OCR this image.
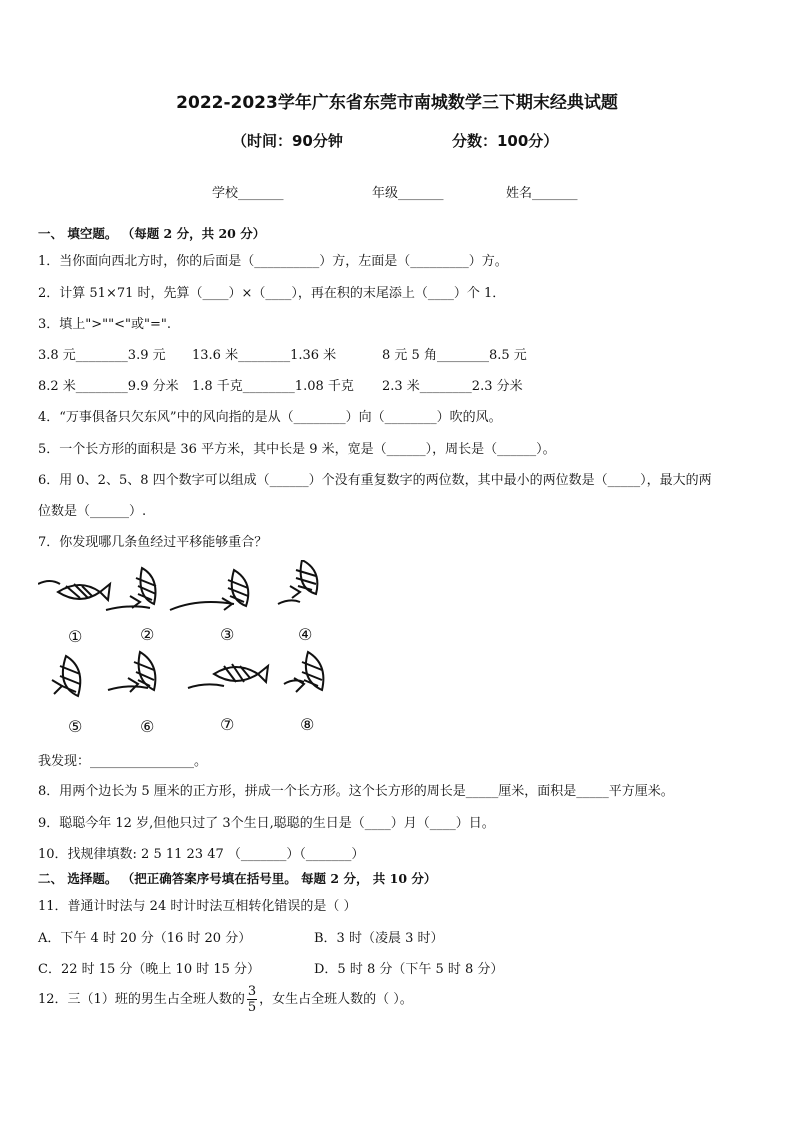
2022-2023学年广东省东莞市南城数学三下期末经典试题
（时间：90分钟	分数：100分）
学校_______	年级_______	姓名_______
一、 填空题。 （每题 2 分，共 20 分）
1．当你面向西北方时，你的后面是（__________）方，左面是（_________）方。
2．计算 51×71 时，先算（____）×（____），再在积的末尾添上（____）个 1．
3．填上">""<"或"=".
3.8 元________3.9 元 13.6 米________1.36 米	8 元 5 角________8.5 元
8.2 米________9.9 分米 1.8 千克________1.08 千克 2.3 米________2.3 分米
4．“万事俱备只欠东风”中的风向指的是从（________）向（________）吹的风。
5．一个长方形的面积是 36 平方米，其中长是 9 米，宽是（______），周长是（______）。
6．用 0、2、5、8 四个数字可以组成（______）个没有重复数字的两位数，其中最小的两位数是（_____），最大的两
位数是（______）.
7．你发现哪几条鱼经过平移能够重合？
①	②	③	④
⑤	⑥	⑦	⑧
我发现：________________。
8．用两个边长为 5 厘米的正方形，拼成一个长方形。这个长方形的周长是_____厘米，面积是_____平方厘米。
9．聪聪今年 12 岁,但他只过了 3个生日,聪聪的生日是（____）月（____）日。
10．找规律填数: 2 5 11 23 47 （_______）（_______）
二、 选择题。 （把正确答案序号填在括号里。 每题 2 分， 共 10 分）
11．普通计时法与 24 时计时法互相转化错误的是（ ）
A．下午 4 时 20 分（16 时 20 分）	B．3 时（凌晨 3 时）
C．22 时 15 分（晚上 10 时 15 分）	D．5 时 8 分（下午 5 时 8 分）
12．三（1）班的男生占全班人数的 $\frac{3}{5}$ ，女生占全班人数的（ ）。
